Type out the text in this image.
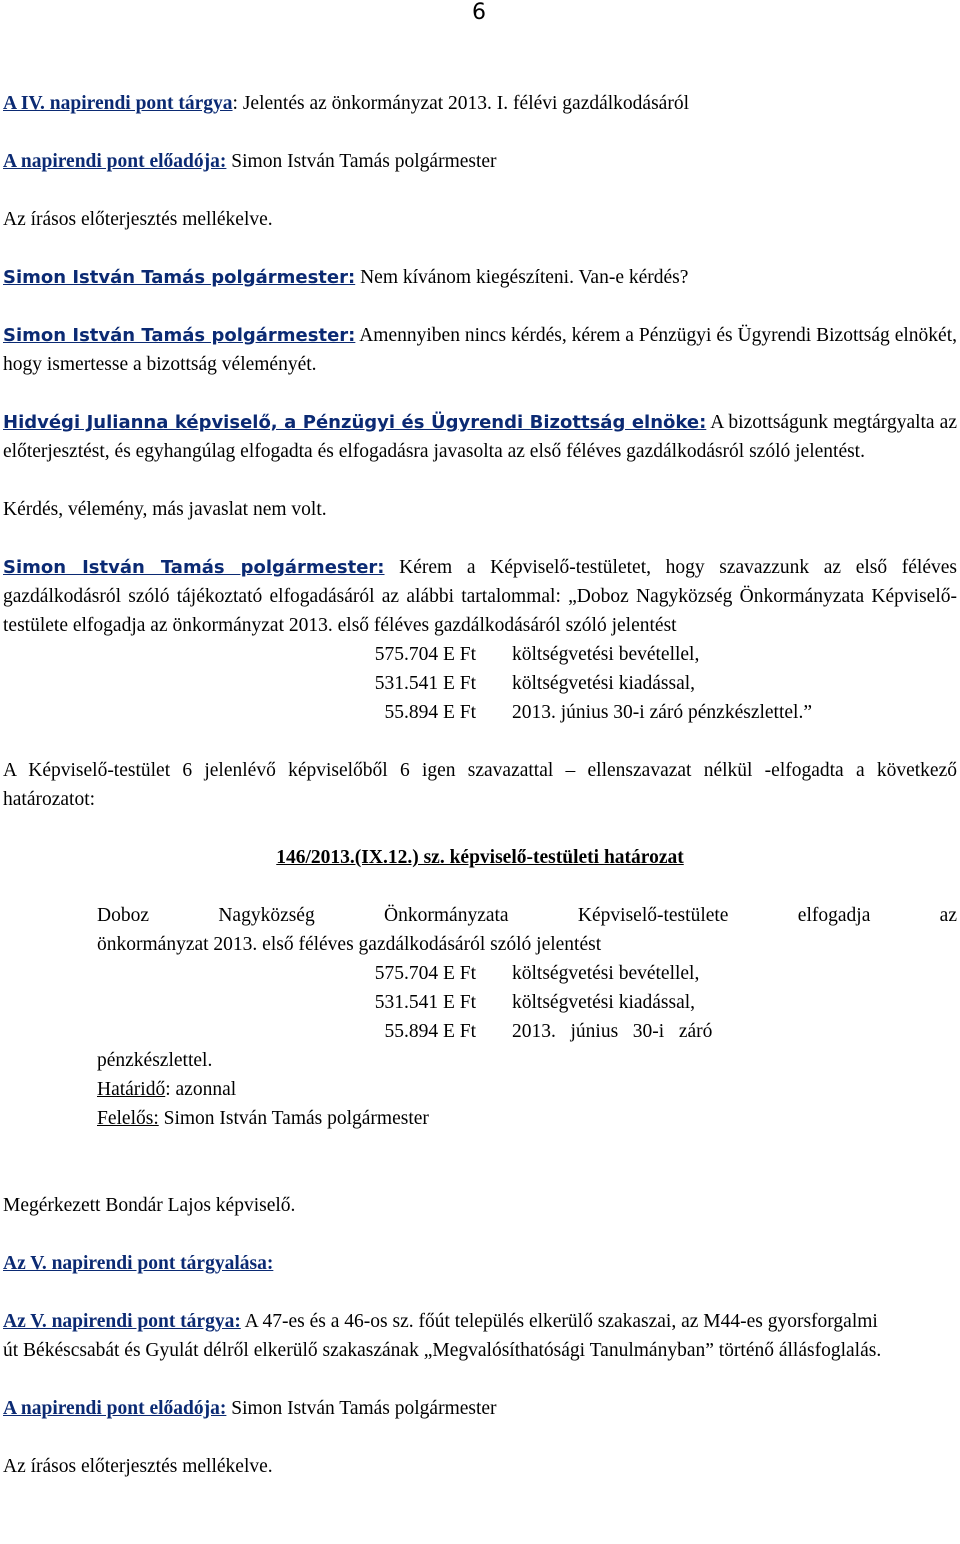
6

A IV. napirendi pont tárgya: Jelentés az önkormányzat 2013. I. félévi gazdálkodásáról

A napirendi pont előadója: Simon István Tamás polgármester

Az írásos előterjesztés mellékelve.

Simon István Tamás polgármester: Nem kívánom kiegészíteni. Van-e kérdés?

Simon István Tamás polgármester: Amennyiben nincs kérdés, kérem a Pénzügyi és Ügyrendi Bizottság elnökét, hogy ismertesse a bizottság véleményét.

Hidvégi Julianna képviselő, a Pénzügyi és Ügyrendi Bizottság elnöke: A bizottságunk megtárgyalta az előterjesztést, és egyhangúlag elfogadta és elfogadásra javasolta az első féléves gazdálkodásról szóló jelentést.

Kérdés, vélemény, más javaslat nem volt.

Simon István Tamás polgármester: Kérem a Képviselő-testületet, hogy szavazzunk az első féléves gazdálkodásról szóló tájékoztató elfogadásáról az alábbi tartalommal: „Doboz Nagyközség Önkormányzata Képviselő-testülete elfogadja az önkormányzat 2013. első féléves gazdálkodásáról szóló jelentést

575.704 E Ft	költségvetési bevétellel,
531.541 E Ft	költségvetési kiadással,
55.894 E Ft	2013. június 30-i záró pénzkészlettel.”

A Képviselő-testület 6 jelenlévő képviselőből 6 igen szavazattal – ellenszavazat nélkül -elfogadta a következő határozatot:

146/2013.(IX.12.) sz. képviselő-testületi határozat

Doboz Nagyközség Önkormányzata Képviselő-testülete elfogadja az

önkormányzat 2013. első féléves gazdálkodásáról szóló jelentést

575.704 E Ft	költségvetési bevétellel,
531.541 E Ft	költségvetési kiadással,
55.894 E Ft	2013.   június   30-i   záró

pénzkészlettel.

Határidő: azonnal

Felelős: Simon István Tamás polgármester

Megérkezett Bondár Lajos képviselő.

Az V. napirendi pont tárgyalása:

Az V. napirendi pont tárgya: A 47-es és a 46-os sz. főút település elkerülő szakaszai, az M44-es gyorsforgalmi út Békéscsabát és Gyulát délről elkerülő szakaszának „Megvalósíthatósági Tanulmányban” történő állásfoglalás.

A napirendi pont előadója: Simon István Tamás polgármester

Az írásos előterjesztés mellékelve.
